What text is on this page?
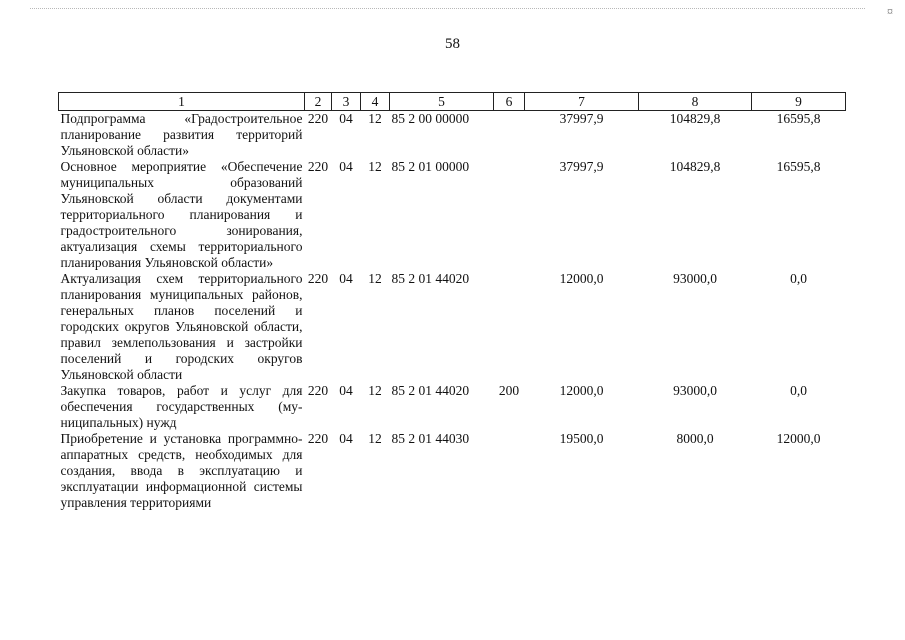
¤
58
1	2	3	4	5	6	7	8	9
Подпрограмма «Градостроительное планирование развития территорий Ульяновской области»	220	04	12	85 2 00 00000		37997,9	104829,8	16595,8
Основное мероприятие «Обеспечение муниципальных образований Ульяновской области документами территориального планирования и градостроительного зонирования, актуализация схемы территориального планирования Ульяновской области»	220	04	12	85 2 01 00000		37997,9	104829,8	16595,8
Актуализация схем территориального планирования муниципальных районов, генеральных планов поселений и городских округов Ульяновской области, правил землепользования и застройки поселений и городских округов Ульяновской области	220	04	12	85 2 01 44020		12000,0	93000,0	0,0
Закупка товаров, работ и услуг для обеспечения государственных (муниципальных) нужд	220	04	12	85 2 01 44020	200	12000,0	93000,0	0,0
Приобретение и установка программно-аппаратных средств, необходимых для создания, ввода в эксплуатацию и эксплуатации информационной системы управления территориями	220	04	12	85 2 01 44030		19500,0	8000,0	12000,0
